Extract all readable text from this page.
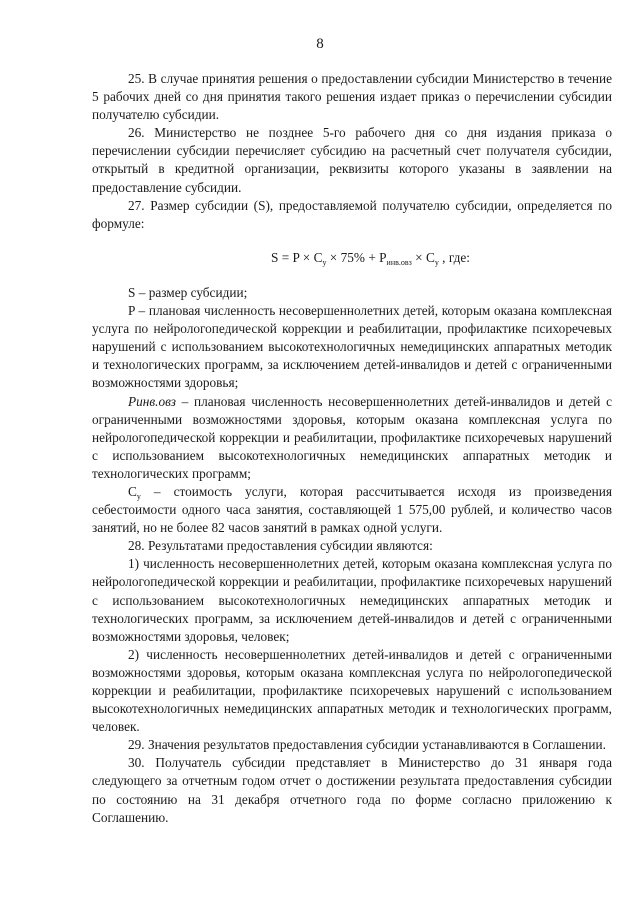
8

25. В случае принятия решения о предоставлении субсидии Министерство в течение 5 рабочих дней со дня принятия такого решения издает приказ о перечислении субсидии получателю субсидии.

26. Министерство не позднее 5-го рабочего дня со дня издания приказа о перечислении субсидии перечисляет субсидию на расчетный счет получателя субсидии, открытый в кредитной организации, реквизиты которого указаны в заявлении на предоставление субсидии.

27. Размер субсидии (S), предоставляемой получателю субсидии, определяется по формуле:

$S = P \times С_у \times 75\% + P_{инв.овз} \times С_у$ , где:

S – размер субсидии;

P – плановая численность несовершеннолетних детей, которым оказана комплексная услуга по нейрологопедической коррекции и реабилитации, профилактике психоречевых нарушений с использованием высокотехнологичных немедицинских аппаратных методик и технологических программ, за исключением детей-инвалидов и детей с ограниченными возможностями здоровья;

Pинв.овз – плановая численность несовершеннолетних детей-инвалидов и детей с ограниченными возможностями здоровья, которым оказана комплексная услуга по нейрологопедической коррекции и реабилитации, профилактике психоречевых нарушений с использованием высокотехнологичных немедицинских аппаратных методик и технологических программ;

$С_у$ – стоимость услуги, которая рассчитывается исходя из произведения себестоимости одного часа занятия, составляющей 1 575,00 рублей, и количество часов занятий, но не более 82 часов занятий в рамках одной услуги.

28. Результатами предоставления субсидии являются:

1) численность несовершеннолетних детей, которым оказана комплексная услуга по нейрологопедической коррекции и реабилитации, профилактике психоречевых нарушений с использованием высокотехнологичных немедицинских аппаратных методик и технологических программ, за исключением детей-инвалидов и детей с ограниченными возможностями здоровья, человек;

2) численность несовершеннолетних детей-инвалидов и детей с ограниченными возможностями здоровья, которым оказана комплексная услуга по нейрологопедической коррекции и реабилитации, профилактике психоречевых нарушений с использованием высокотехнологичных немедицинских аппаратных методик и технологических программ, человек.

29. Значения результатов предоставления субсидии устанавливаются в Соглашении.

30. Получатель субсидии представляет в Министерство до 31 января года следующего за отчетным годом отчет о достижении результата предоставления субсидии по состоянию на 31 декабря отчетного года по форме согласно приложению к Соглашению.
